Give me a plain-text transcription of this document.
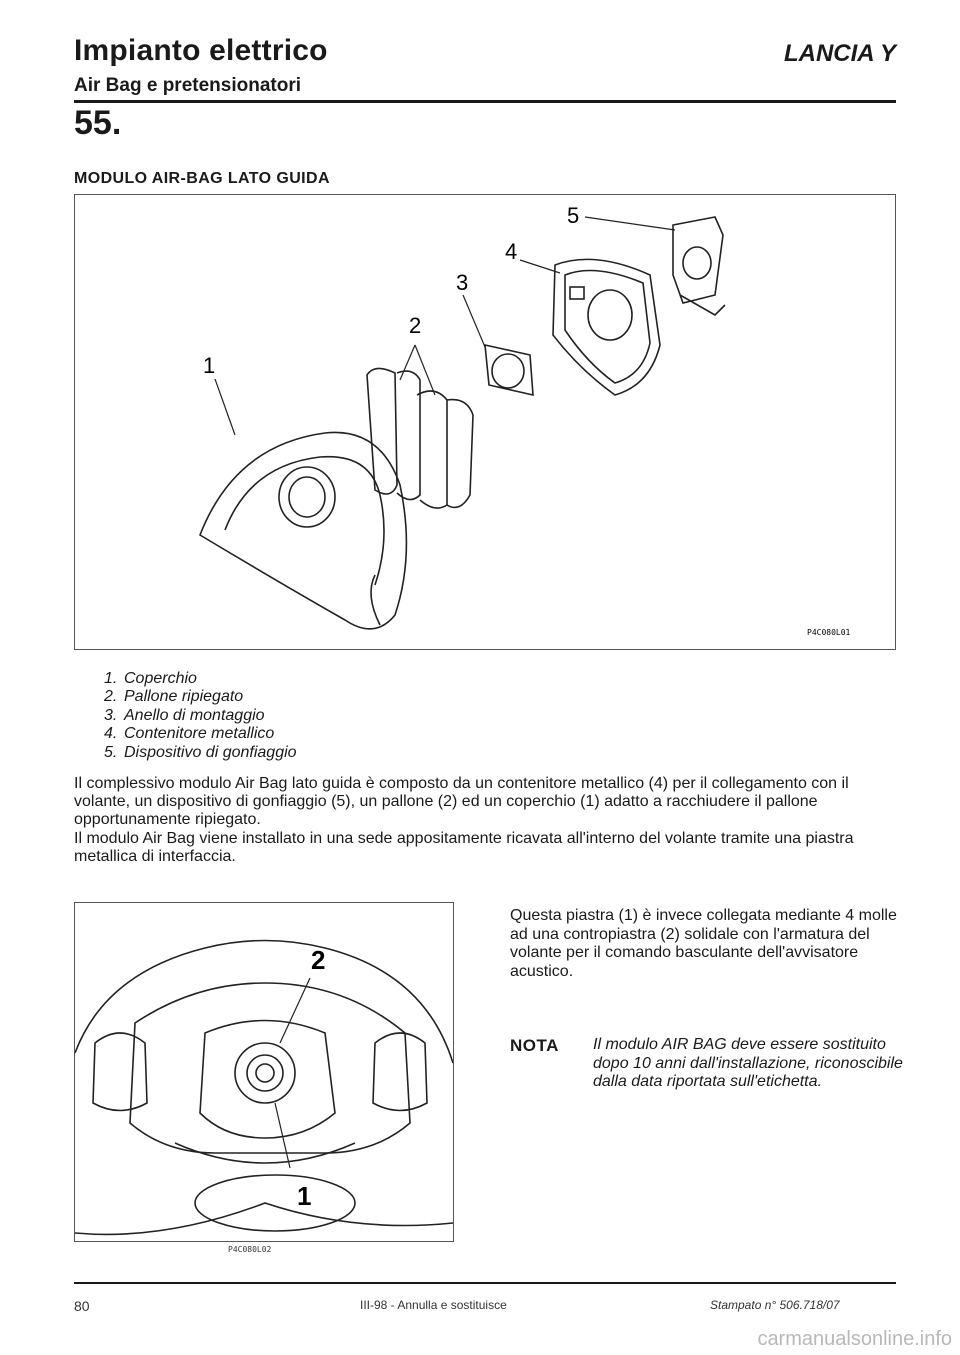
Impianto elettrico
Air Bag e pretensionatori
LANCIA Y
55.
MODULO AIR-BAG LATO GUIDA
1
2
3
4
5
P4C080L01
1. Coperchio
2. Pallone ripiegato
3. Anello di montaggio
4. Contenitore metallico
5. Dispositivo di gonfiaggio

Il complessivo modulo Air Bag lato guida è composto da un contenitore metallico (4) per il collegamento con il volante, un dispositivo di gonfiaggio (5), un pallone (2) ed un coperchio (1) adatto a racchiudere il pallone opportunamente ripiegato.

Il modulo Air Bag viene installato in una sede appositamente ricavata all'interno del volante tramite una piastra metallica di interfaccia.

2
1
P4C080L02
Questa piastra (1) è invece collegata mediante 4 molle ad una contropiastra (2) solidale con l'armatura del volante per il comando basculante dell'avvisatore acustico.
NOTA Il modulo AIR BAG deve essere sostituito dopo 10 anni dall'installazione, riconoscibile dalla data riportata sull'etichetta.
80	III-98 - Annulla e sostituisce	Stampato n° 506.718/07
carmanualsonline.info
